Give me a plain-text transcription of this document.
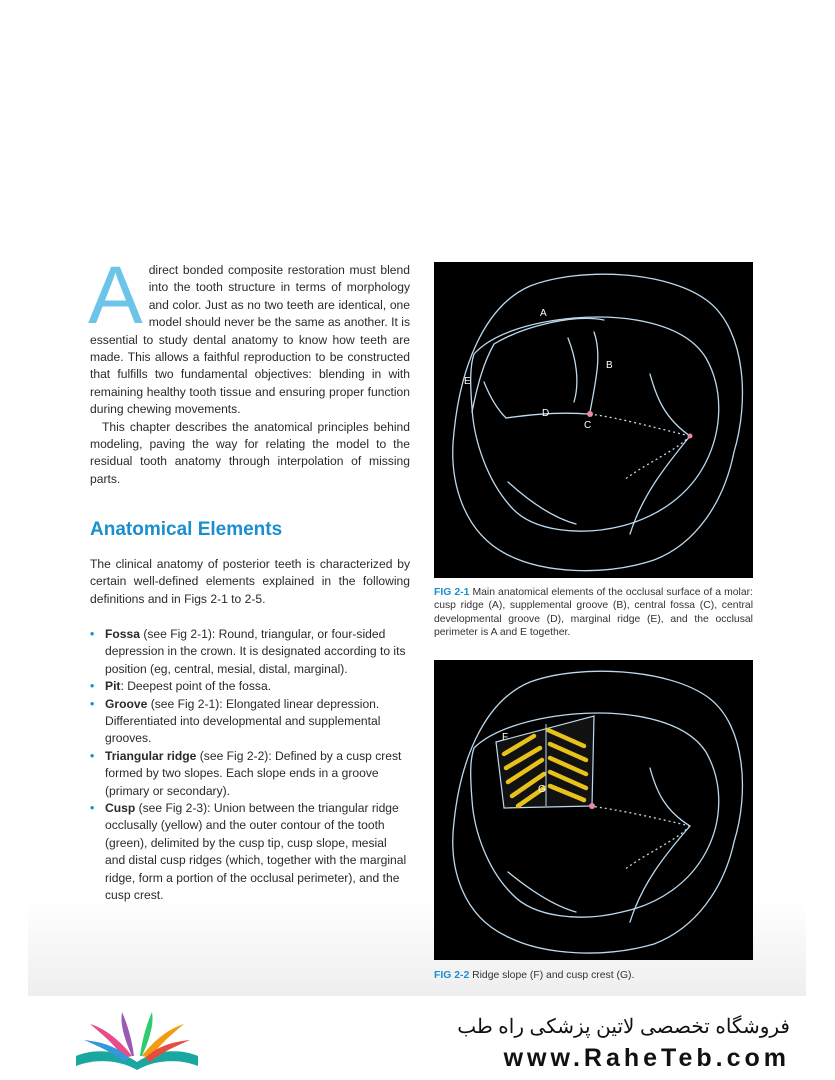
A direct bonded composite restoration must blend into the tooth structure in terms of morphology and color. Just as no two teeth are identical, one model should never be the same as another. It is essential to study dental anatomy to know how teeth are made. This allows a faithful reproduction to be constructed that fulfills two fundamental objectives: blending in with remaining healthy tooth tissue and ensuring proper function during chewing movements.

This chapter describes the anatomical principles behind modeling, paving the way for relating the model to the residual tooth anatomy through interpolation of missing parts.

Anatomical Elements

The clinical anatomy of posterior teeth is characterized by certain well-defined elements explained in the following definitions and in Figs 2-1 to 2-5.

• Fossa (see Fig 2-1): Round, triangular, or four-sided depression in the crown. It is designated according to its position (eg, central, mesial, distal, marginal).
• Pit: Deepest point of the fossa.
• Groove (see Fig 2-1): Elongated linear depression. Differentiated into developmental and supplemental grooves.
• Triangular ridge (see Fig 2-2): Defined by a cusp crest formed by two slopes. Each slope ends in a groove (primary or secondary).
• Cusp (see Fig 2-3): Union between the triangular ridge occlusally (yellow) and the outer contour of the tooth (green), delimited by the cusp tip, cusp slope, mesial and distal cusp ridges (which, together with the marginal ridge, form a portion of the occlusal perimeter), and the cusp crest.
A
B
C
D
E

FIG 2-1 Main anatomical elements of the occlusal surface of a molar: cusp ridge (A), supplemental groove (B), central fossa (C), central developmental groove (D), marginal ridge (E), and the occlusal perimeter is A and E together.

F
G

FIG 2-2 Ridge slope (F) and cusp crest (G).

فروشگاه تخصصی لاتین پزشکی راه طب

www.RaheTeb.com
